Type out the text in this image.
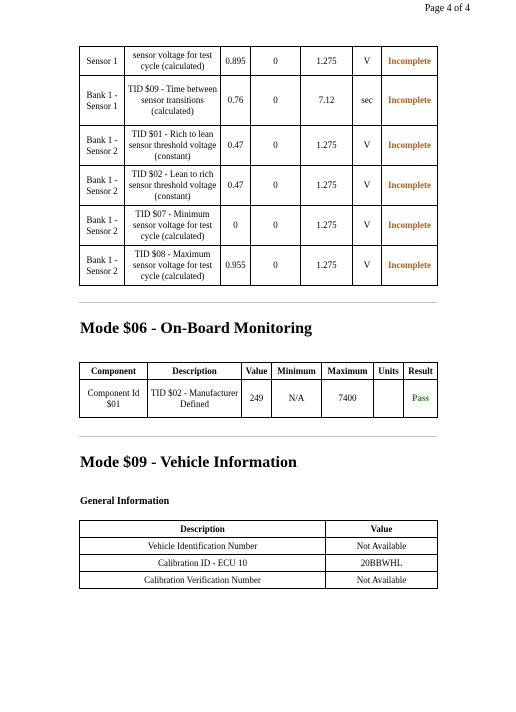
Page 4 of 4
Sensor 1	sensor voltage for test cycle (calculated)	0.895	0	1.275	V	Incomplete
Bank 1 - Sensor 1	TID $09 - Time between sensor transitions (calculated)	0.76	0	7.12	sec	Incomplete
Bank 1 - Sensor 2	TID $01 - Rich to lean sensor threshold voltage (constant)	0.47	0	1.275	V	Incomplete
Bank 1 - Sensor 2	TID $02 - Lean to rich sensor threshold voltage (constant)	0.47	0	1.275	V	Incomplete
Bank 1 - Sensor 2	TID $07 - Minimum sensor voltage for test cycle (calculated)	0	0	1.275	V	Incomplete
Bank 1 - Sensor 2	TID $08 - Maximum sensor voltage for test cycle (calculated)	0.955	0	1.275	V	Incomplete
Mode $06 - On-Board Monitoring
Component	Description	Value	Minimum	Maximum	Units	Result
Component Id $01	TID $02 - Manufacturer Defined	249	N/A	7400		Pass
Mode $09 - Vehicle Information
General Information
Description	Value
Vehicle Identification Number	Not Available
Calibration ID - ECU 10	20BBWHL
Calibration Verification Number	Not Available
